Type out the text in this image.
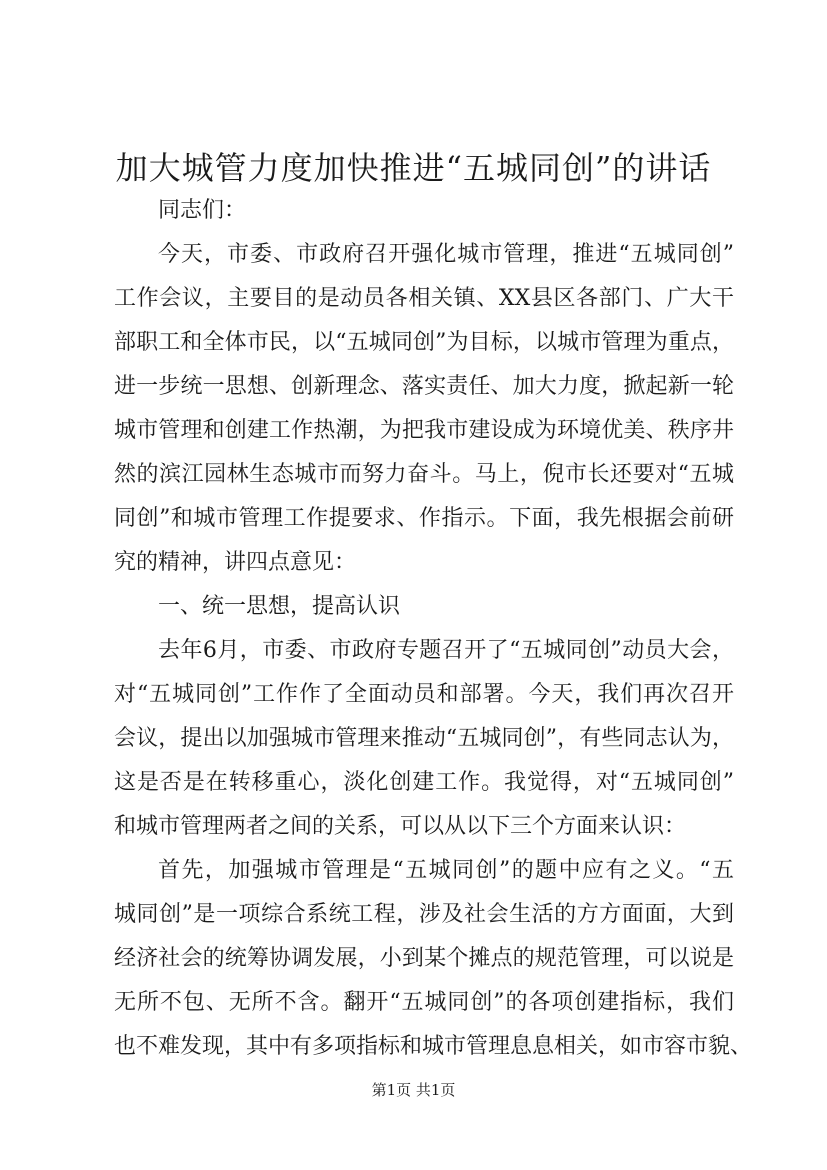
加大城管力度加快推进“五城同创”的讲话
同志们：
今天，市委、市政府召开强化城市管理，推进“五城同创”
工作会议，主要目的是动员各相关镇、XX县区各部门、广大干
部职工和全体市民，以“五城同创”为目标，以城市管理为重点，
进一步统一思想、创新理念、落实责任、加大力度，掀起新一轮
城市管理和创建工作热潮，为把我市建设成为环境优美、秩序井
然的滨江园林生态城市而努力奋斗。马上，倪市长还要对“五城
同创”和城市管理工作提要求、作指示。下面，我先根据会前研
究的精神，讲四点意见：
一、统一思想，提高认识
去年6月，市委、市政府专题召开了“五城同创”动员大会，
对“五城同创”工作作了全面动员和部署。今天，我们再次召开
会议，提出以加强城市管理来推动“五城同创”，有些同志认为，
这是否是在转移重心，淡化创建工作。我觉得，对“五城同创”
和城市管理两者之间的关系，可以从以下三个方面来认识：
首先，加强城市管理是“五城同创”的题中应有之义。“五
城同创”是一项综合系统工程，涉及社会生活的方方面面，大到
经济社会的统筹协调发展，小到某个摊点的规范管理，可以说是
无所不包、无所不含。翻开“五城同创”的各项创建指标，我们
也不难发现，其中有多项指标和城市管理息息相关，如市容市貌、
第1页 共1页
